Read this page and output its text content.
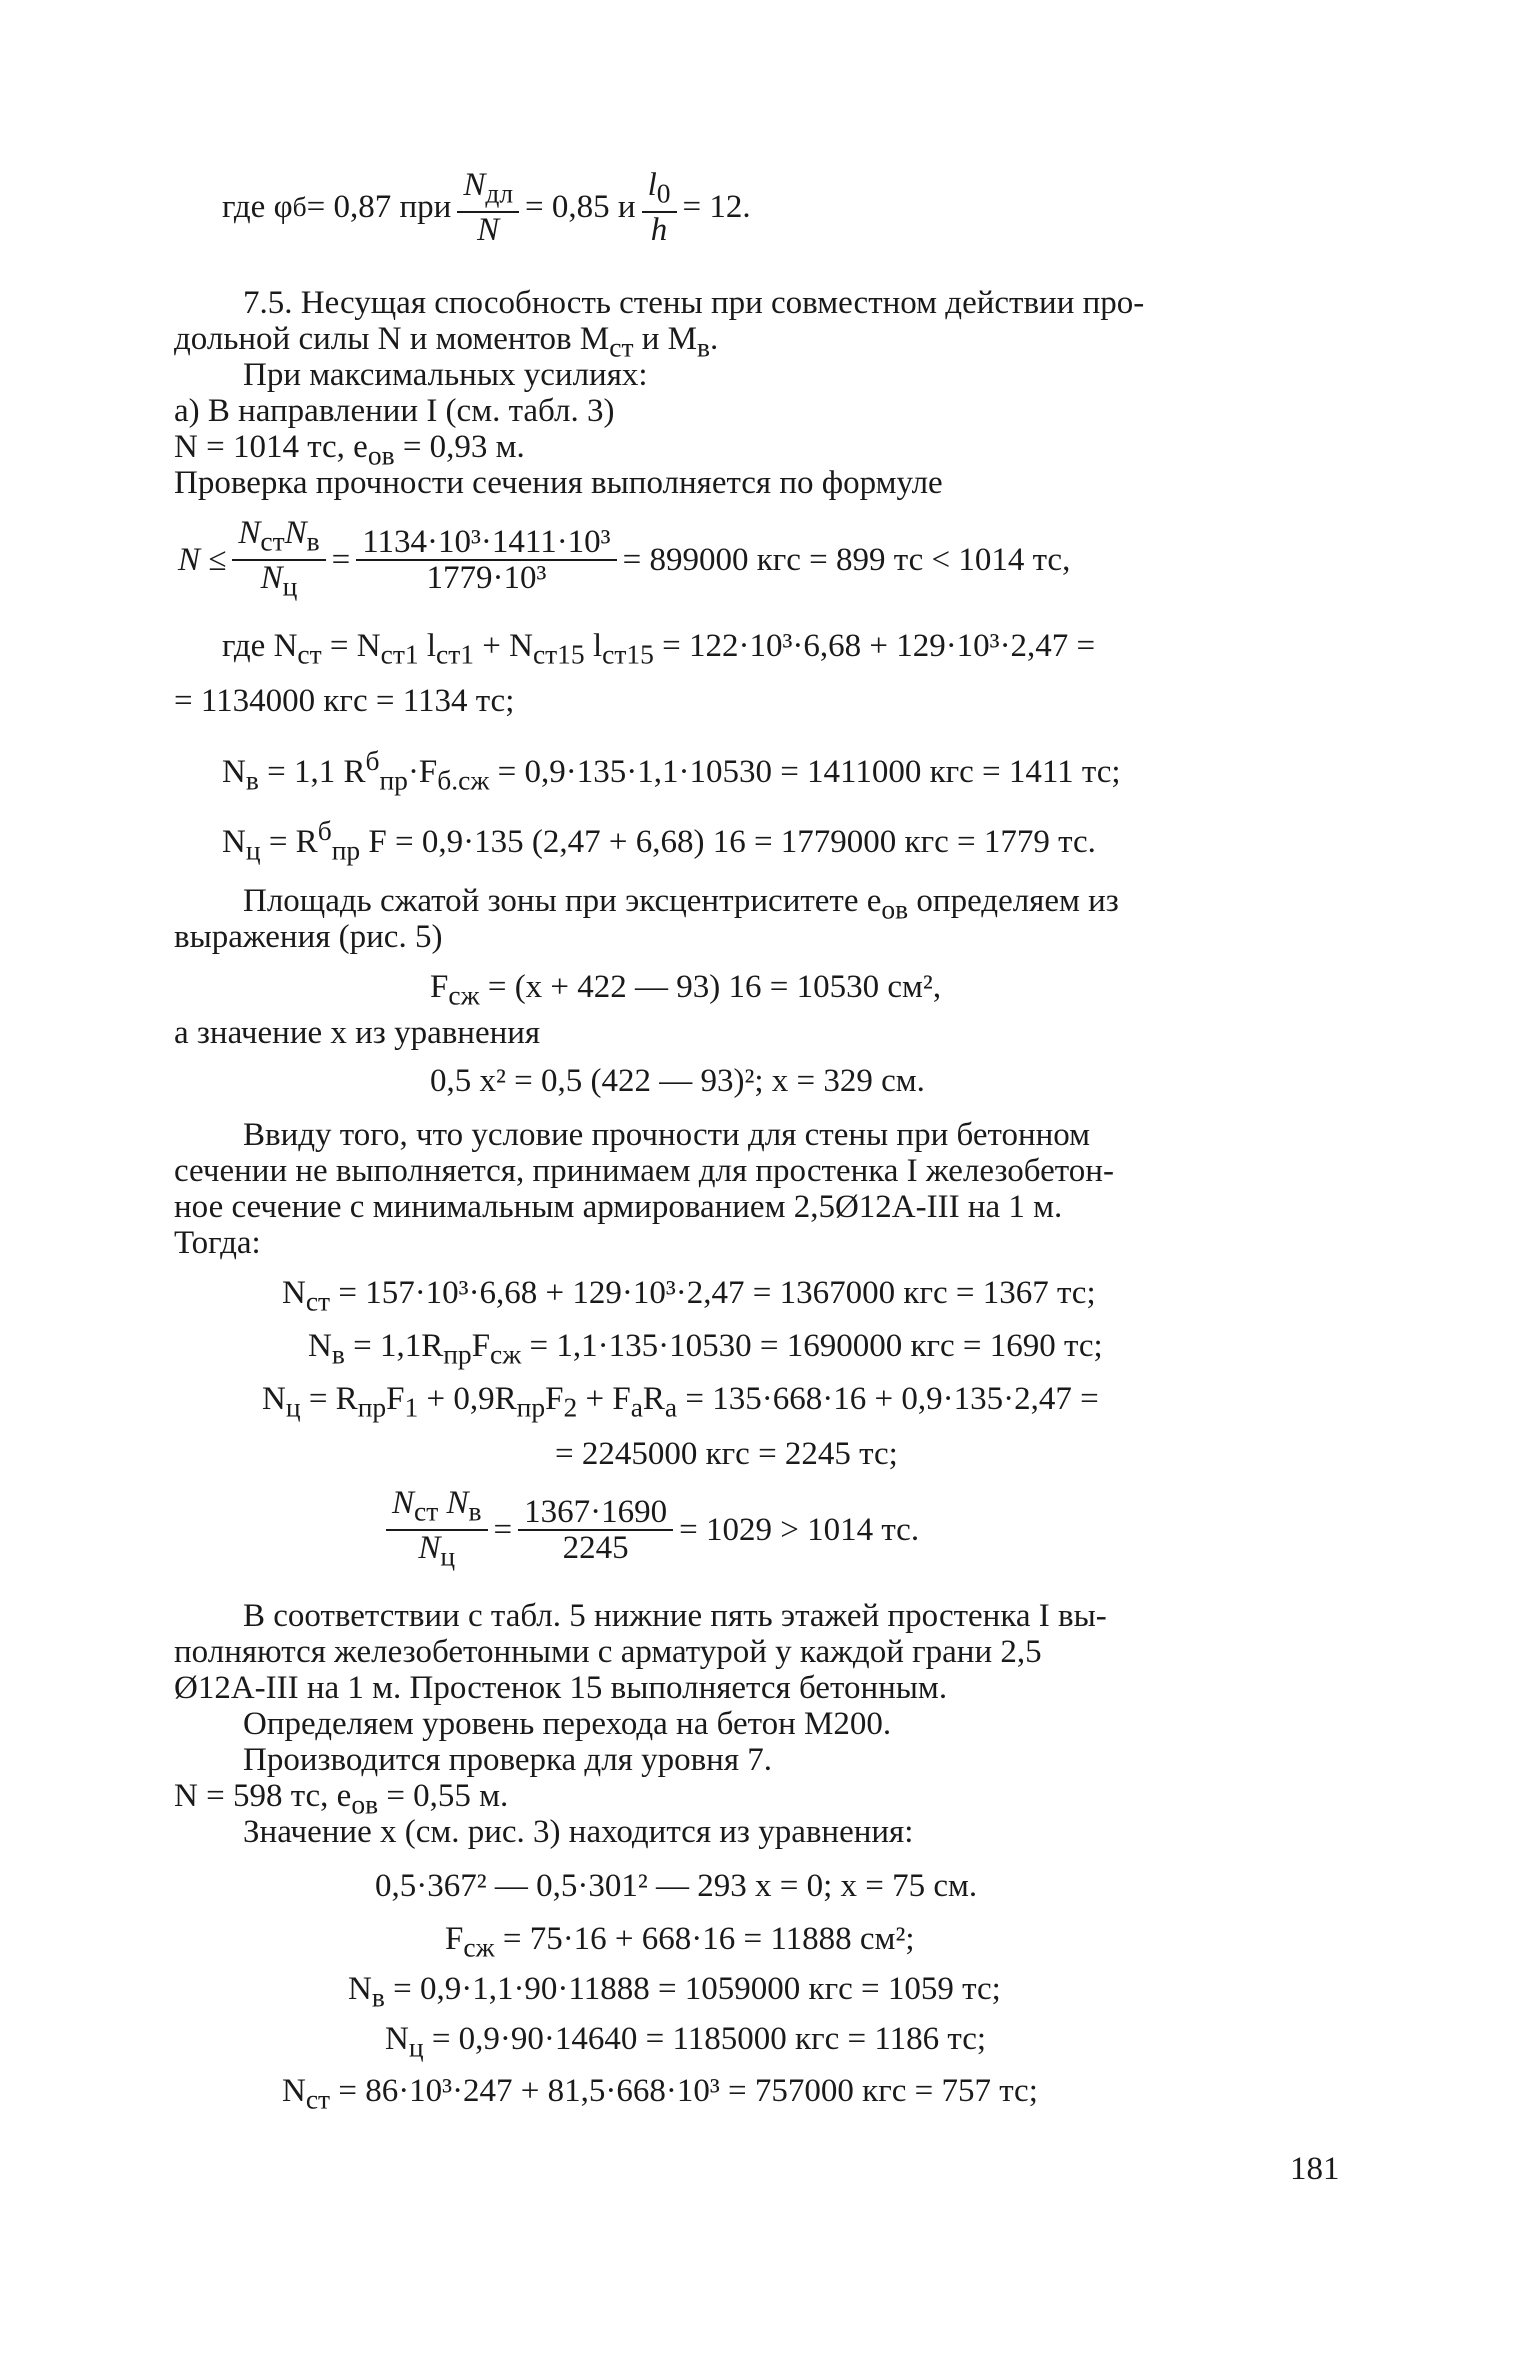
где φ б = 0,87 при $\frac{N_{дл}}{N} = 0,85$ и $\frac{l_0}{h} = 12$.
7.5. Несущая способность стены при совместном действии про-
дольной силы N и моментов $M_{ст}$ и $M_в$.
При максимальных усилиях:
а) В направлении I (см. табл. 3)
N = 1014 тс, $e_{ов} = 0,93$ м.
Проверка прочности сечения выполняется по формуле
$N \le \frac{N_{ст}N_в}{N_ц} = \frac{\text{1134·10³·1411·10³}}{\text{1779·10³}} = 899000$ кгс = 899 тс < 1014 тс,
где $N_{ст} = N_{ст1}$ $l_{ст1} + N_{ст15}$ $l_{ст15} = 122\cdot 10^3\cdot 6,68 + 129\cdot 10^3\cdot 2,47$ =
= 1134000 кгс = 1134 тс;
$N_в = 1,1$ $R^б_{пр}\cdot F_{б.сж} = 0,9\cdot 135\cdot 1,1\cdot 10530 = 1411000$ кгс = 1411 тс;
$N_ц = R^б_{пр}$ F = 0,9·135 (2,47 + 6,68) 16 = 1779000 кгс = 1779 тс.
Площадь сжатой зоны при эксцентриситете $e_{ов}$ определяем из
выражения (рис. 5)
$F_{сж} = (x + 422$ — 93) 16 = 10530 см²,
а значение x из уравнения
0,5 x² = 0,5 (422 — 93)²; x = 329 см.
Ввиду того, что условие прочности для стены при бетонном
сечении не выполняется, принимаем для простенка I железобетон-
ное сечение с минимальным армированием 2,5Ø12А-III на 1 м.
Тогда:
$N_{ст} = 157\cdot 10^3\cdot 6,68 + 129\cdot 10^3\cdot 2,47 = 1367000$ кгс = 1367 тс;
$N_в = 1,1R_{пр}F_{сж} = 1,1\cdot 135\cdot 10530 = 1690000$ кгс = 1690 тс;
$N_ц = R_{пр}F_1 + 0,9R_{пр}F_2 + F_аR_а = 135\cdot 668\cdot 16 + 0,9\cdot 135\cdot 2,47$ =
= 2245000 кгс = 2245 тс;
$\frac{N_{ст} N_в}{N_ц} = \frac{1367\cdot 1690}{2245} = 1029 > 1014$ тс.
В соответствии с табл. 5 нижние пять этажей простенка I вы-
полняются железобетонными с арматурой у каждой грани 2,5
Ø12А-III на 1 м. Простенок 15 выполняется бетонным.
Определяем уровень перехода на бетон М200.
Производится проверка для уровня 7.
N = 598 тс, $e_{ов} = 0,55$ м.
Значение x (см. рис. 3) находится из уравнения:
0,5·367² — 0,5·301² — 293 x = 0; x = 75 см.
$F_{сж} = 75\cdot 16 + 668\cdot 16 = 11888$ см²;
$N_в = 0,9\cdot 1,1\cdot 90\cdot 11888 = 1059000$ кгс = 1059 тс;
$N_ц = 0,9\cdot 90\cdot 14640 = 1185000$ кгс = 1186 тс;
$N_{ст} = 86\cdot 10^3\cdot 247 + 81,5\cdot 668\cdot 10^3 = 757000$ кгс = 757 тс;
181
